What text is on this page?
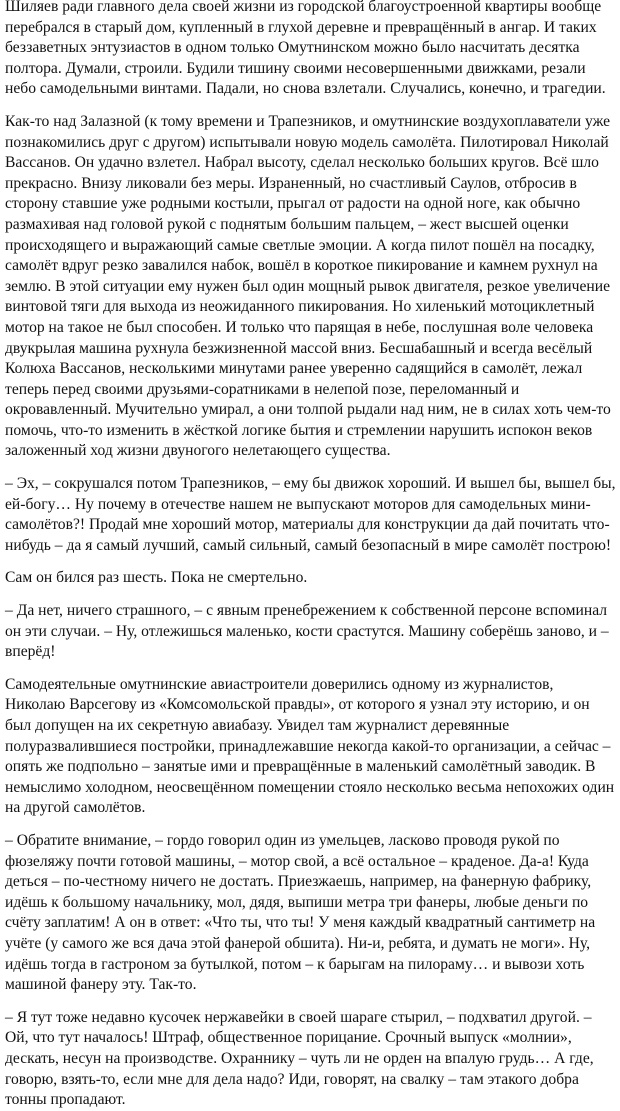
Шиляев ради главного дела своей жизни из городской благоустроенной квартиры вообще перебрался в старый дом, купленный в глухой деревне и превращённый в ангар. И таких беззаветных энтузиастов в одном только Омутнинском можно было насчитать десятка полтора. Думали, строили. Будили тишину своими несовершенными движками, резали небо самодельными винтами. Падали, но снова взлетали. Случались, конечно, и трагедии.

Как-то над Залазной (к тому времени и Трапезников, и омутнинские воздухоплаватели уже познакомились друг с другом) испытывали новую модель самолёта. Пилотировал Николай Вассанов. Он удачно взлетел. Набрал высоту, сделал несколько больших кругов. Всё шло прекрасно. Внизу ликовали без меры. Израненный, но счастливый Саулов, отбросив в сторону ставшие уже родными костыли, прыгал от радости на одной ноге, как обычно размахивая над головой рукой с поднятым большим пальцем, – жест высшей оценки происходящего и выражающий самые светлые эмоции. А когда пилот пошёл на посадку, самолёт вдруг резко завалился набок, вошёл в короткое пикирование и камнем рухнул на землю. В этой ситуации ему нужен был один мощный рывок двигателя, резкое увеличение винтовой тяги для выхода из неожиданного пикирования. Но хиленький мотоциклетный мотор на такое не был способен. И только что парящая в небе, послушная воле человека двукрылая машина рухнула безжизненной массой вниз. Бесшабашный и всегда весёлый Колюха Вассанов, несколькими минутами ранее уверенно садящийся в самолёт, лежал теперь перед своими друзьями-соратниками в нелепой позе, переломанный и окровавленный. Мучительно умирал, а они толпой рыдали над ним, не в силах хоть чем-то помочь, что-то изменить в жёсткой логике бытия и стремлении нарушить испокон веков заложенный ход жизни двуногого нелетающего существа.

– Эх, – сокрушался потом Трапезников, – ему бы движок хороший. И вышел бы, вышел бы, ей-богу… Ну почему в отечестве нашем не выпускают моторов для самодельных мини-самолётов?! Продай мне хороший мотор, материалы для конструкции да дай почитать что-нибудь – да я самый лучший, самый сильный, самый безопасный в мире самолёт построю!

Сам он бился раз шесть. Пока не смертельно.

– Да нет, ничего страшного, – с явным пренебрежением к собственной персоне вспоминал он эти случаи. – Ну, отлежишься маленько, кости срастутся. Машину соберёшь заново, и – вперёд!

Самодеятельные омутнинские авиастроители доверились одному из журналистов, Николаю Варсегову из «Комсомольской правды», от которого я узнал эту историю, и он был допущен на их секретную авиабазу. Увидел там журналист деревянные полуразвалившиеся постройки, принадлежавшие некогда какой-то организации, а сейчас – опять же подпольно – занятые ими и превращённые в маленький самолётный заводик. В немыслимо холодном, неосвещённом помещении стояло несколько весьма непохожих один на другой самолётов.

– Обратите внимание, – гордо говорил один из умельцев, ласково проводя рукой по фюзеляжу почти готовой машины, – мотор свой, а всё остальное – краденое. Да-а! Куда деться – по-честному ничего не достать. Приезжаешь, например, на фанерную фабрику, идёшь к большому начальнику, мол, дядя, выпиши метра три фанеры, любые деньги по счёту заплатим! А он в ответ: «Что ты, что ты! У меня каждый квадратный сантиметр на учёте (у самого же вся дача этой фанерой обшита). Ни-и, ребята, и думать не моги». Ну, идёшь тогда в гастроном за бутылкой, потом – к барыгам на пилораму… и вывози хоть машиной фанеру эту. Так-то.

– Я тут тоже недавно кусочек нержавейки в своей шараге стырил, – подхватил другой. – Ой, что тут началось! Штраф, общественное порицание. Срочный выпуск «молнии», дескать, несун на производстве. Охраннику – чуть ли не орден на впалую грудь… А где, говорю, взять-то, если мне для дела надо? Иди, говорят, на свалку – там этакого добра тонны пропадают.
